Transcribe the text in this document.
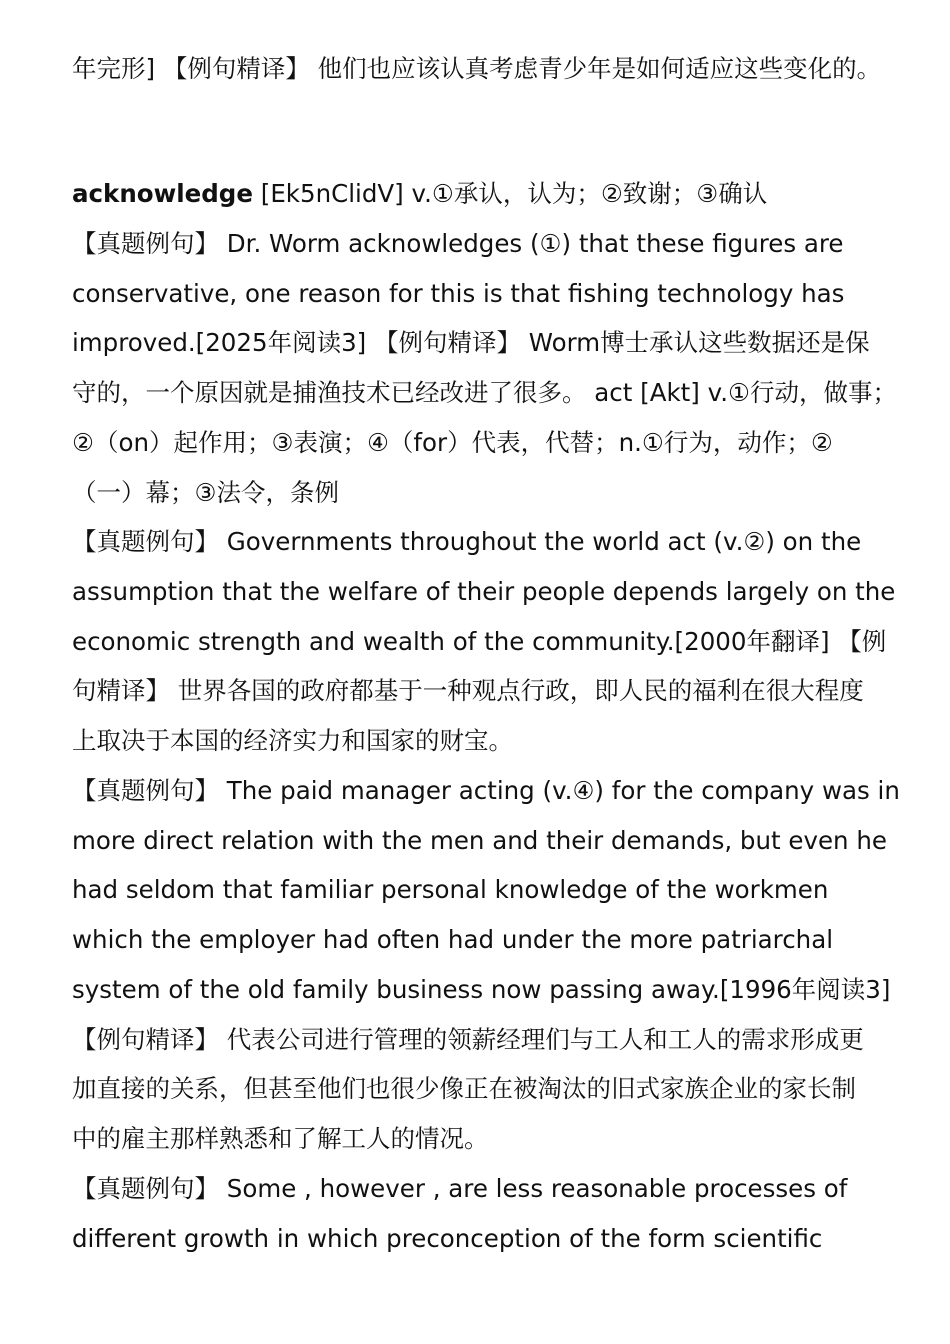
年完形] 【例句精译】 他们也应该认真考虑青少年是如何适应这些变化的。
acknowledge [Ek5nClidV] v.①承认，认为；②致谢；③确认
【真题例句】 Dr. Worm acknowledges (①) that these figures are
conservative, one reason for this is that fishing technology has
improved.[2025年阅读3] 【例句精译】 Worm博士承认这些数据还是保
守的，一个原因就是捕渔技术已经改进了很多。 act [Akt] v.①行动，做事；
②（on）起作用；③表演；④（for）代表，代替；n.①行为，动作；②
（一）幕；③法令，条例
【真题例句】 Governments throughout the world act (v.②) on the
assumption that the welfare of their people depends largely on the
economic strength and wealth of the community.[2000年翻译] 【例
句精译】 世界各国的政府都基于一种观点行政，即人民的福利在很大程度
上取决于本国的经济实力和国家的财宝。
【真题例句】 The paid manager acting (v.④) for the company was in
more direct relation with the men and their demands, but even he
had seldom that familiar personal knowledge of the workmen
which the employer had often had under the more patriarchal
system of the old family business now passing away.[1996年阅读3]
【例句精译】 代表公司进行管理的领薪经理们与工人和工人的需求形成更
加直接的关系，但甚至他们也很少像正在被淘汰的旧式家族企业的家长制
中的雇主那样熟悉和了解工人的情况。
【真题例句】 Some , however , are less reasonable processes of
different growth in which preconception of the form scientific
